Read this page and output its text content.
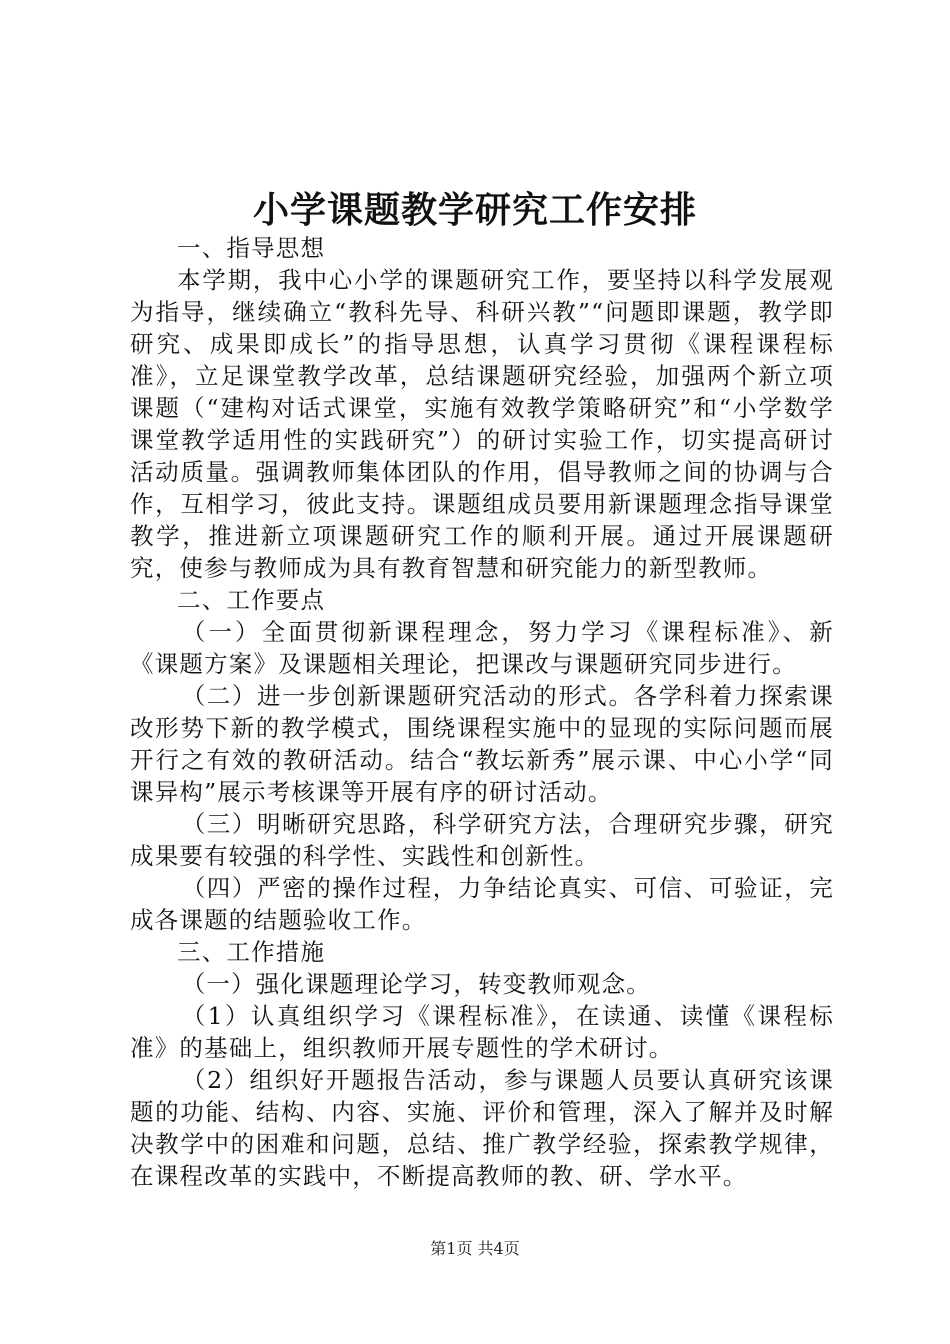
小学课题教学研究工作安排

一、指导思想

本学期，我中心小学的课题研究工作，要坚持以科学发展观为指导，继续确立“教科先导、科研兴教”“问题即课题，教学即研究、成果即成长”的指导思想，认真学习贯彻《课程课程标准》，立足课堂教学改革，总结课题研究经验，加强两个新立项课题（“建构对话式课堂，实施有效教学策略研究”和“小学数学课堂教学适用性的实践研究”）的研讨实验工作，切实提高研讨活动质量。强调教师集体团队的作用，倡导教师之间的协调与合作，互相学习，彼此支持。课题组成员要用新课题理念指导课堂教学，推进新立项课题研究工作的顺利开展。通过开展课题研究，使参与教师成为具有教育智慧和研究能力的新型教师。

二、工作要点

（一）全面贯彻新课程理念，努力学习《课程标准》、新《课题方案》及课题相关理论，把课改与课题研究同步进行。

（二）进一步创新课题研究活动的形式。各学科着力探索课改形势下新的教学模式，围绕课程实施中的显现的实际问题而展开行之有效的教研活动。结合“教坛新秀”展示课、中心小学“同课异构”展示考核课等开展有序的研讨活动。

（三）明晰研究思路，科学研究方法，合理研究步骤，研究成果要有较强的科学性、实践性和创新性。

（四）严密的操作过程，力争结论真实、可信、可验证，完成各课题的结题验收工作。

三、工作措施

（一）强化课题理论学习，转变教师观念。

（1）认真组织学习《课程标准》，在读通、读懂《课程标准》的基础上，组织教师开展专题性的学术研讨。

（2）组织好开题报告活动，参与课题人员要认真研究该课题的功能、结构、内容、实施、评价和管理，深入了解并及时解决教学中的困难和问题，总结、推广教学经验，探索教学规律，在课程改革的实践中，不断提高教师的教、研、学水平。

第1页 共4页
